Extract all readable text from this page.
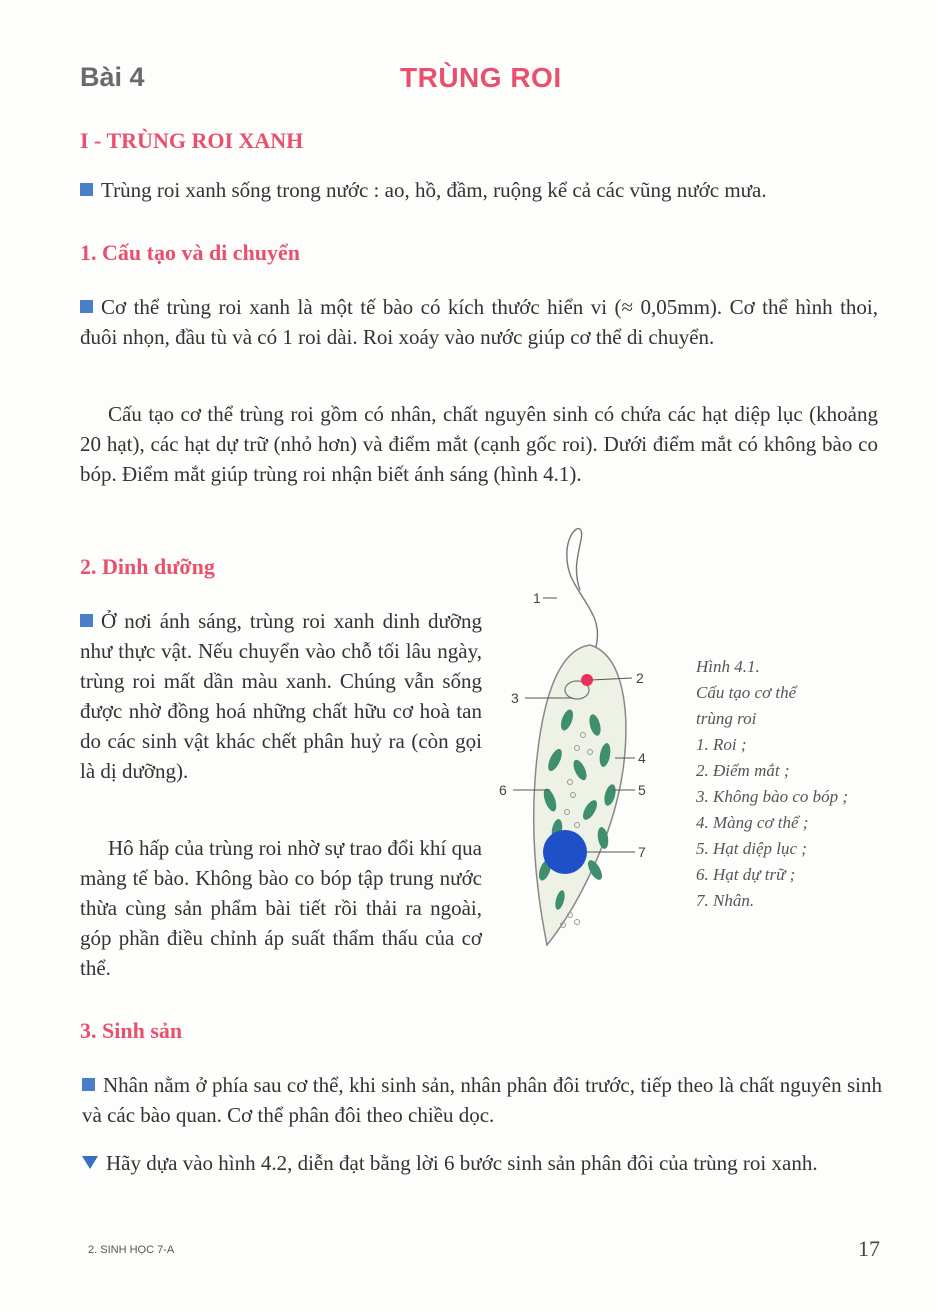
Bài 4	TRÙNG ROI
I - TRÙNG ROI XANH
Trùng roi xanh sống trong nước : ao, hồ, đầm, ruộng kể cả các vũng nước mưa.
1. Cấu tạo và di chuyển
Cơ thể trùng roi xanh là một tế bào có kích thước hiển vi (≈ 0,05mm). Cơ thể hình thoi, đuôi nhọn, đầu tù và có 1 roi dài. Roi xoáy vào nước giúp cơ thể di chuyển.
Cấu tạo cơ thể trùng roi gồm có nhân, chất nguyên sinh có chứa các hạt diệp lục (khoảng 20 hạt), các hạt dự trữ (nhỏ hơn) và điểm mắt (cạnh gốc roi). Dưới điểm mắt có không bào co bóp. Điểm mắt giúp trùng roi nhận biết ánh sáng (hình 4.1).
2. Dinh dưỡng
Ở nơi ánh sáng, trùng roi xanh dinh dưỡng như thực vật. Nếu chuyển vào chỗ tối lâu ngày, trùng roi mất dần màu xanh. Chúng vẫn sống được nhờ đồng hoá những chất hữu cơ hoà tan do các sinh vật khác chết phân huỷ ra (còn gọi là dị dưỡng).
Hô hấp của trùng roi nhờ sự trao đổi khí qua màng tế bào. Không bào co bóp tập trung nước thừa cùng sản phẩm bài tiết rồi thải ra ngoài, góp phần điều chỉnh áp suất thẩm thấu của cơ thể.
1
2
3
4
5
6
7
Hình 4.1.
Cấu tạo cơ thể
trùng roi
1. Roi ;
2. Điểm mắt ;
3. Không bào co bóp ;
4. Màng cơ thể ;
5. Hạt diệp lục ;
6. Hạt dự trữ ;
7. Nhân.
3. Sinh sản
Nhân nằm ở phía sau cơ thể, khi sinh sản, nhân phân đôi trước, tiếp theo là chất nguyên sinh và các bào quan. Cơ thể phân đôi theo chiều dọc.
Hãy dựa vào hình 4.2, diễn đạt bằng lời 6 bước sinh sản phân đôi của trùng roi xanh.
2. SINH HỌC 7-A	17
